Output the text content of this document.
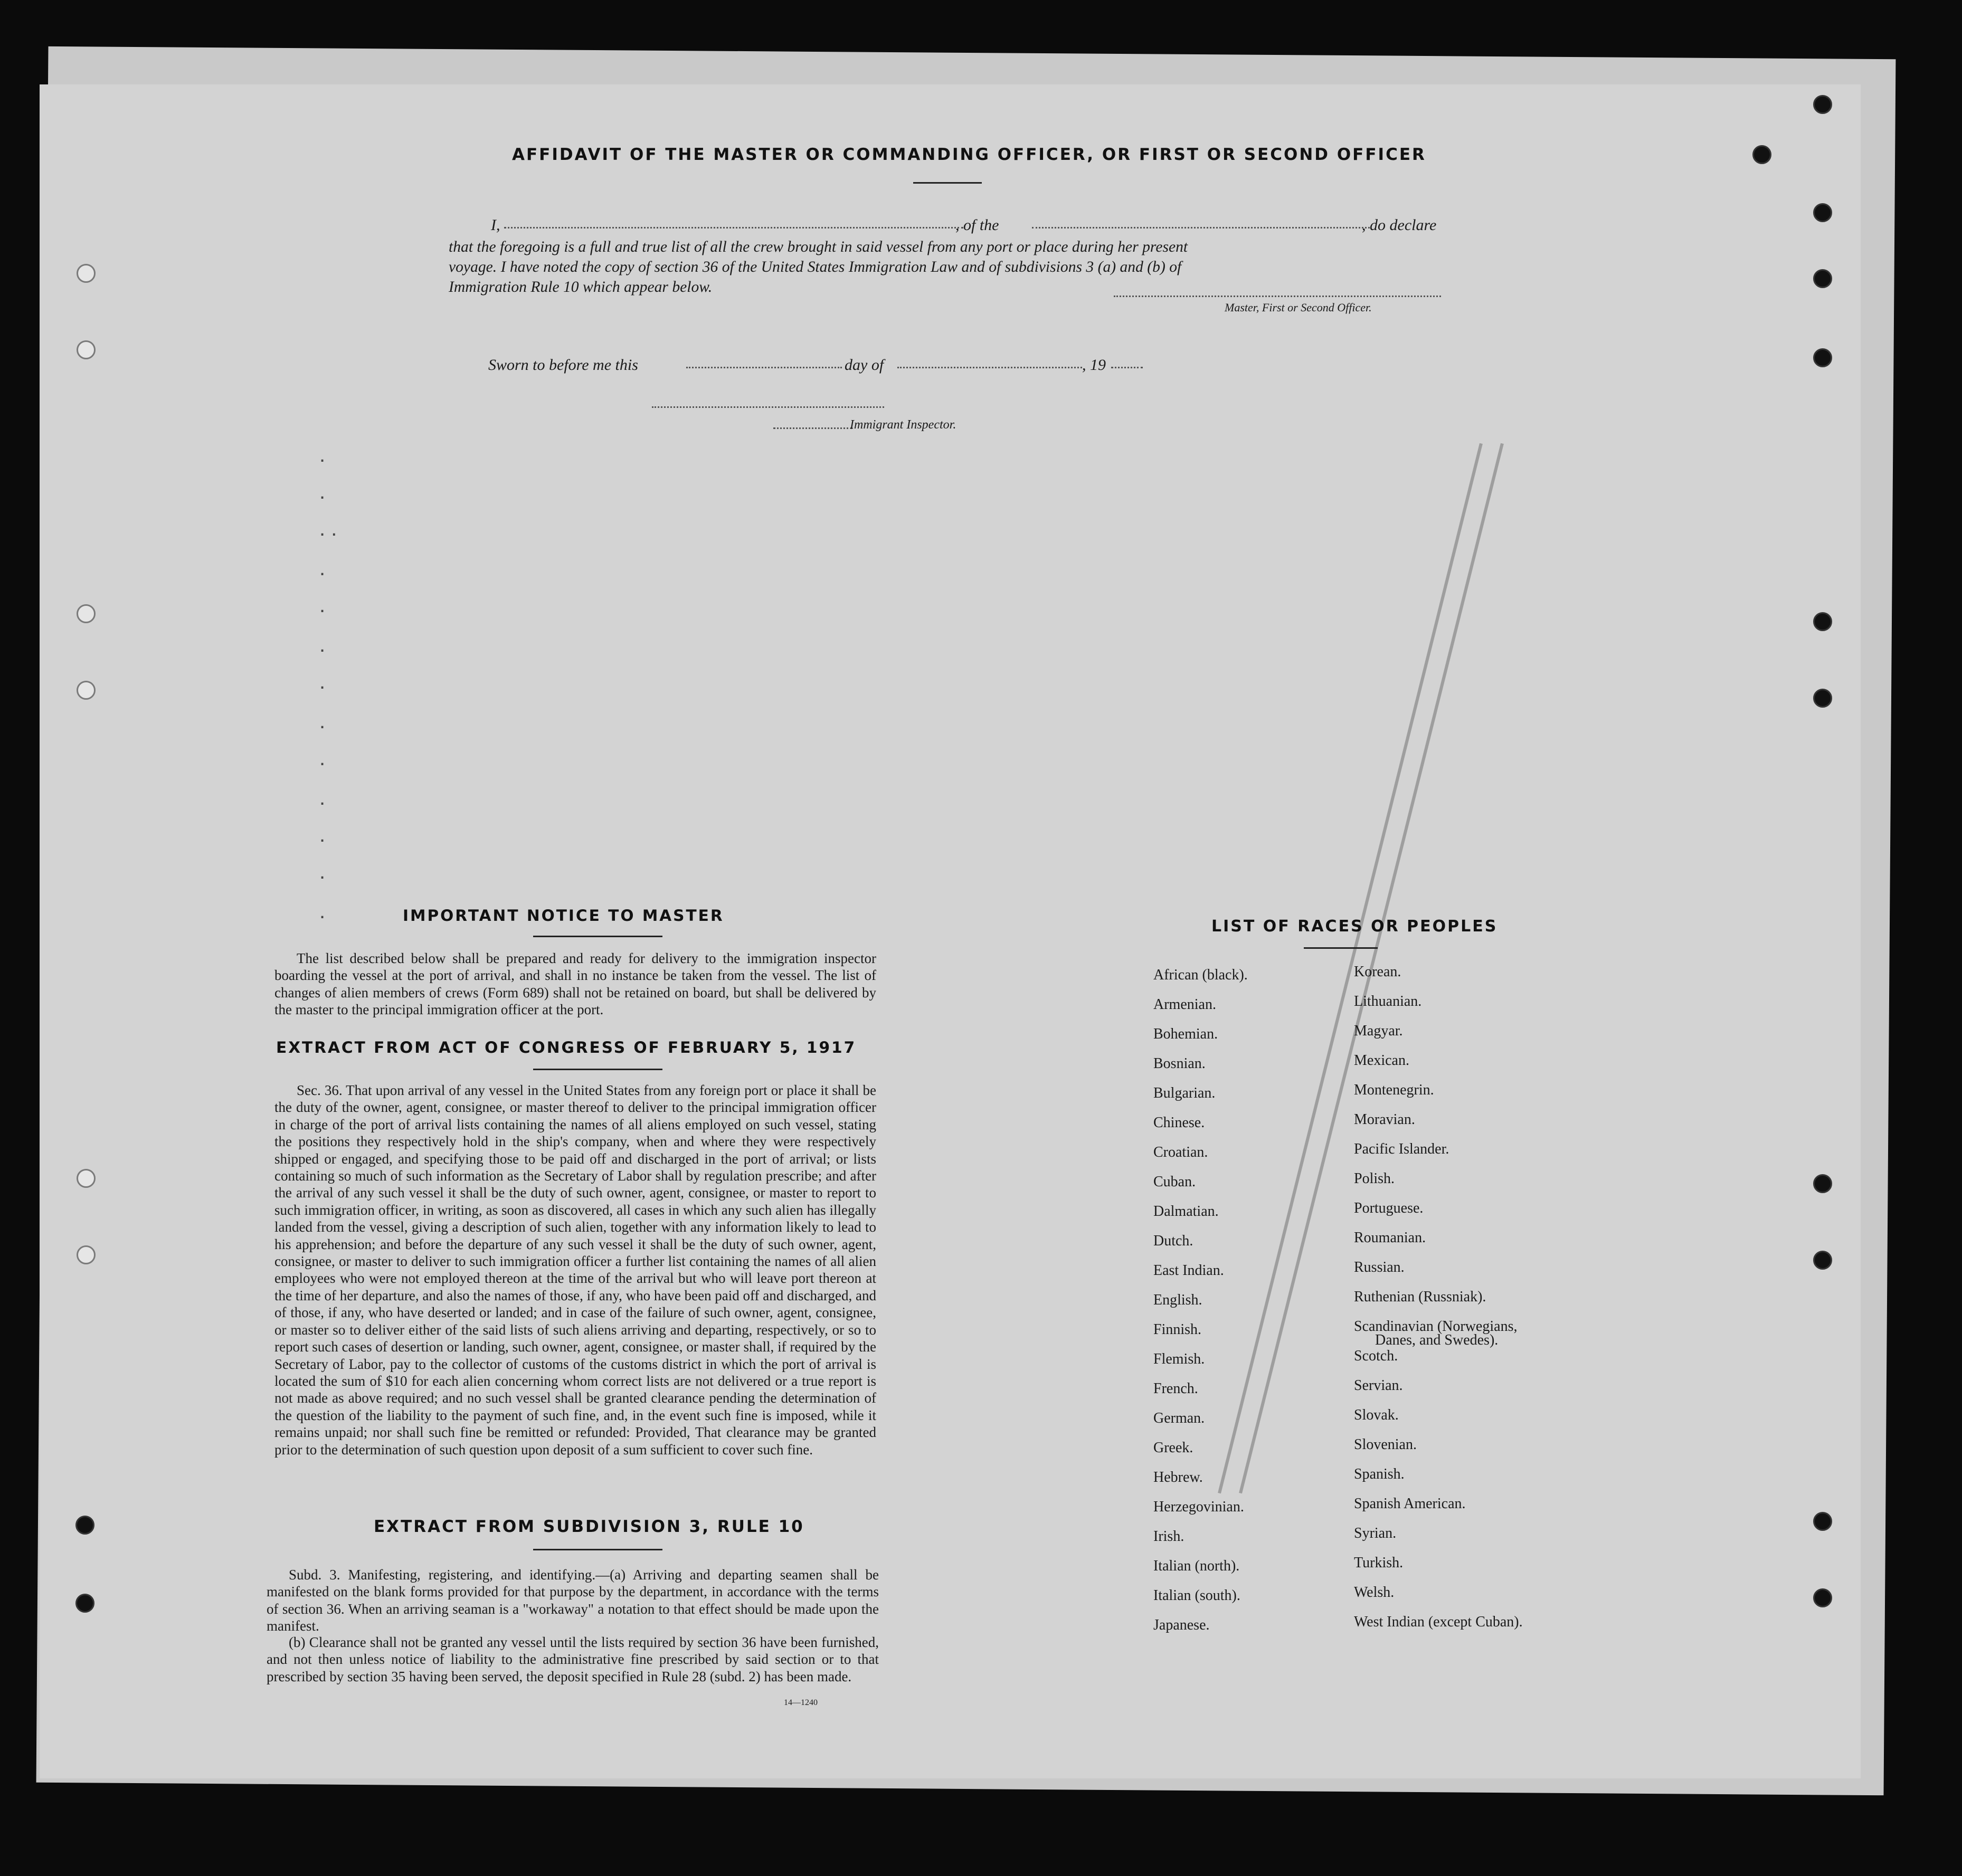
.
.
. .
.
.
.
.
.
.
.
.
.
.
AFFIDAVIT OF THE MASTER OR COMMANDING OFFICER, OR FIRST OR SECOND OFFICER
I,	, of the	, do declare
that the foregoing is a full and true list of all the crew brought in said vessel from any port or place during her present
voyage. I have noted the copy of section 36 of the United States Immigration Law and of subdivisions 3 (a) and (b) of
Immigration Rule 10 which appear below.
Master, First or Second Officer.
Sworn to before me this	day of	, 19
Immigrant Inspector.
IMPORTANT NOTICE TO MASTER
The list described below shall be prepared and ready for delivery to the immigration inspector boarding the vessel at the port of arrival, and shall in no instance be taken from the vessel. The list of changes of alien members of crews (Form 689) shall not be retained on board, but shall be delivered by the master to the principal immigration officer at the port.
EXTRACT FROM ACT OF CONGRESS OF FEBRUARY 5, 1917
Sec. 36. That upon arrival of any vessel in the United States from any foreign port or place it shall be the duty of the owner, agent, consignee, or master thereof to deliver to the principal immigration officer in charge of the port of arrival lists containing the names of all aliens employed on such vessel, stating the positions they respectively hold in the ship's company, when and where they were respectively shipped or engaged, and specifying those to be paid off and discharged in the port of arrival; or lists containing so much of such information as the Secretary of Labor shall by regulation prescribe; and after the arrival of any such vessel it shall be the duty of such owner, agent, consignee, or master to report to such immigration officer, in writing, as soon as discovered, all cases in which any such alien has illegally landed from the vessel, giving a description of such alien, together with any information likely to lead to his apprehension; and before the departure of any such vessel it shall be the duty of such owner, agent, consignee, or master to deliver to such immigration officer a further list containing the names of all alien employees who were not employed thereon at the time of the arrival but who will leave port thereon at the time of her departure, and also the names of those, if any, who have been paid off and discharged, and of those, if any, who have deserted or landed; and in case of the failure of such owner, agent, consignee, or master so to deliver either of the said lists of such aliens arriving and departing, respectively, or so to report such cases of desertion or landing, such owner, agent, consignee, or master shall, if required by the Secretary of Labor, pay to the collector of customs of the customs district in which the port of arrival is located the sum of $10 for each alien concerning whom correct lists are not delivered or a true report is not made as above required; and no such vessel shall be granted clearance pending the determination of the question of the liability to the payment of such fine, and, in the event such fine is imposed, while it remains unpaid; nor shall such fine be remitted or refunded: Provided, That clearance may be granted prior to the determination of such question upon deposit of a sum sufficient to cover such fine.
EXTRACT FROM SUBDIVISION 3, RULE 10
Subd. 3. Manifesting, registering, and identifying.—(a) Arriving and departing seamen shall be manifested on the blank forms provided for that purpose by the department, in accordance with the terms of section 36. When an arriving seaman is a "workaway" a notation to that effect should be made upon the manifest.
(b) Clearance shall not be granted any vessel until the lists required by section 36 have been furnished, and not then unless notice of liability to the administrative fine prescribed by said section or to that prescribed by section 35 having been served, the deposit specified in Rule 28 (subd. 2) has been made.
14—1240
LIST OF RACES OR PEOPLES
African (black).
Armenian.
Bohemian.
Bosnian.
Bulgarian.
Chinese.
Croatian.
Cuban.
Dalmatian.
Dutch.
East Indian.
English.
Finnish.
Flemish.
French.
German.
Greek.
Hebrew.
Herzegovinian.
Irish.
Italian (north).
Italian (south).
Japanese.
Korean.
Lithuanian.
Magyar.
Mexican.
Montenegrin.
Moravian.
Pacific Islander.
Polish.
Portuguese.
Roumanian.
Russian.
Ruthenian (Russniak).
Scandinavian (Norwegians,
Danes, and Swedes).
Scotch.
Servian.
Slovak.
Slovenian.
Spanish.
Spanish American.
Syrian.
Turkish.
Welsh.
West Indian (except Cuban).
